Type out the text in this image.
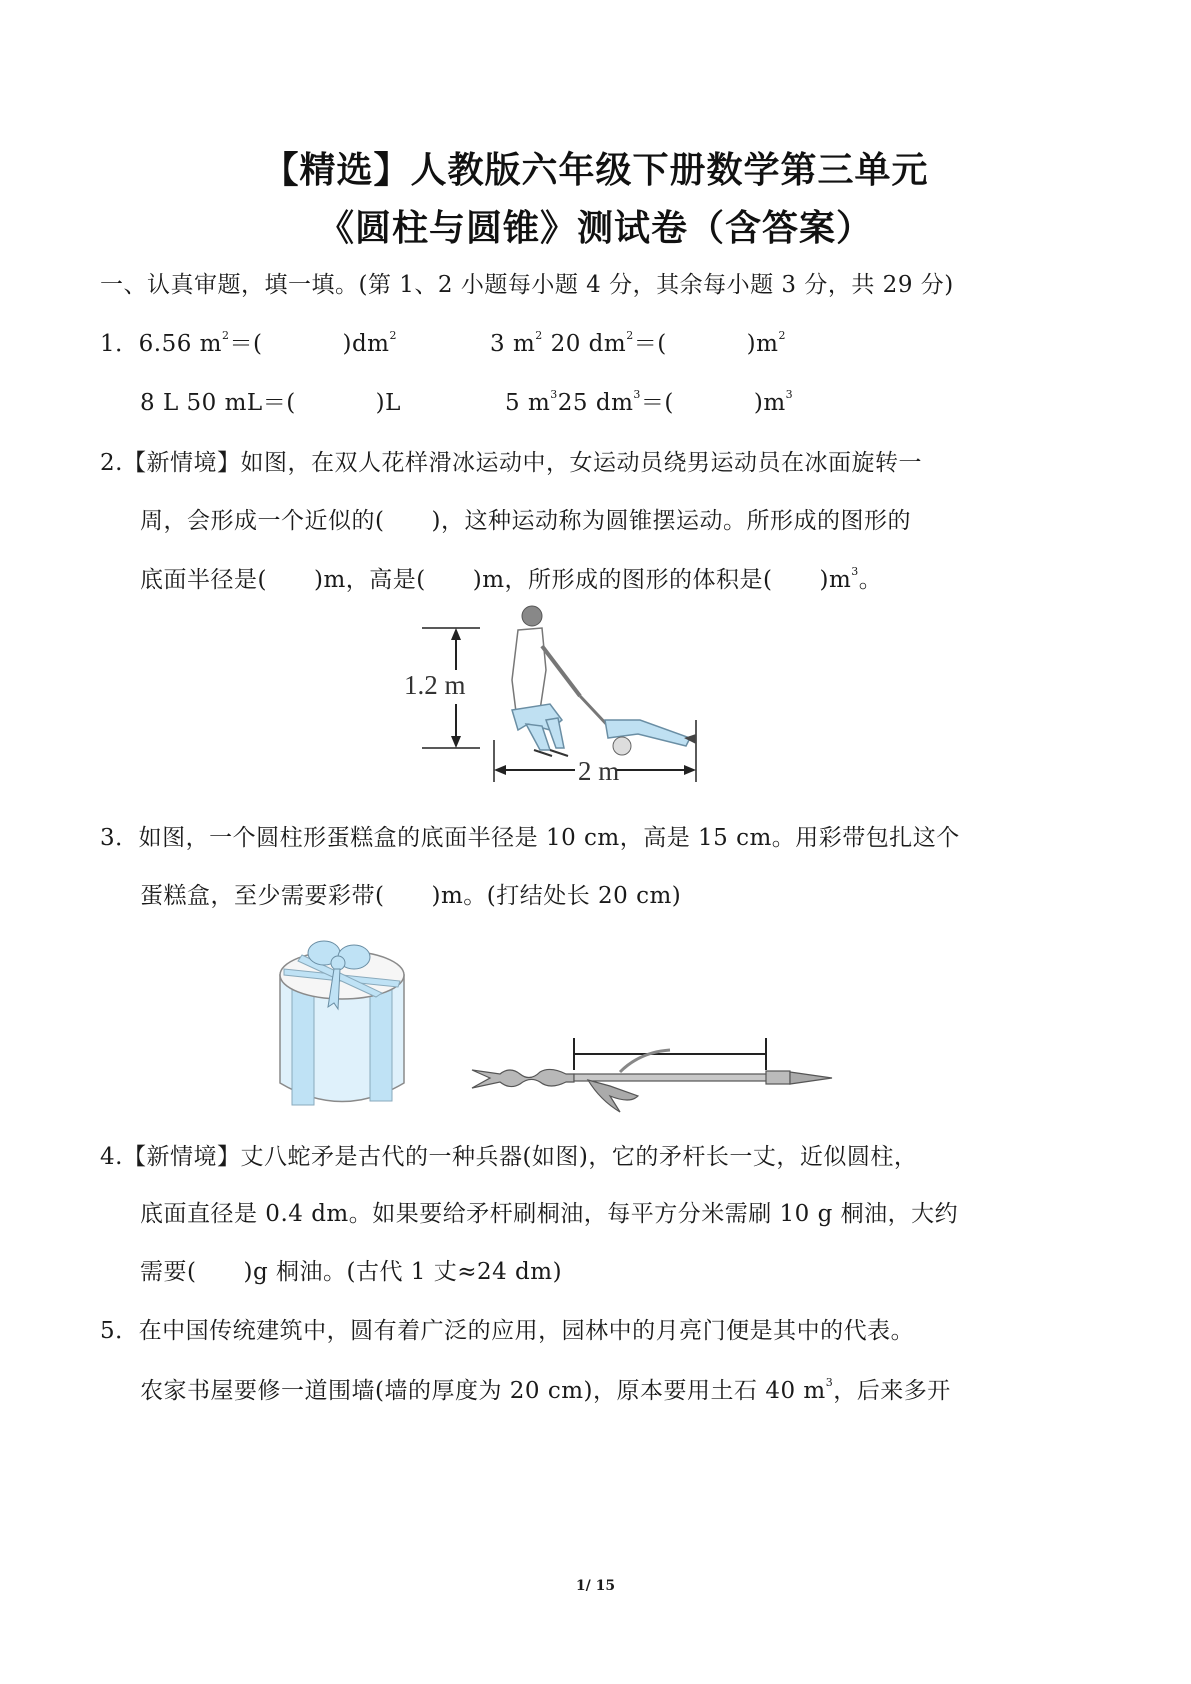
【精选】人教版六年级下册数学第三单元
《圆柱与圆锥》测试卷（含答案）
一、认真审题，填一填。(第 1、2 小题每小题 4 分，其余每小题 3 分，共 29 分)
1．6.56 $m^2=$(	)$dm^2$	3 $m^2$ 20 $dm^2=$(	)$m^2$
8 L 50 mL＝(	)L	5 $m^325$ $dm^3=$(	)$m^3$
2.【新情境】如图，在双人花样滑冰运动中，女运动员绕男运动员在冰面旋转一
周，会形成一个近似的(　　)，这种运动称为圆锥摆运动。所形成的图形的
底面半径是(　　)m，高是(　　)m，所形成的图形的体积是(　　)$m^3$。
1.2 m
2 m
3．如图，一个圆柱形蛋糕盒的底面半径是 10 cm，高是 15 cm。用彩带包扎这个
蛋糕盒，至少需要彩带(　　)m。(打结处长 20 cm)
4.【新情境】丈八蛇矛是古代的一种兵器(如图)，它的矛杆长一丈，近似圆柱，
底面直径是 0.4 dm。如果要给矛杆刷桐油，每平方分米需刷 10 g 桐油，大约
需要(　　)g 桐油。(古代 1 丈≈24 dm)
5．在中国传统建筑中，圆有着广泛的应用，园林中的月亮门便是其中的代表。
农家书屋要修一道围墙(墙的厚度为 20 cm)，原本要用土石 40 $m^3$，后来多开
1/ 15
